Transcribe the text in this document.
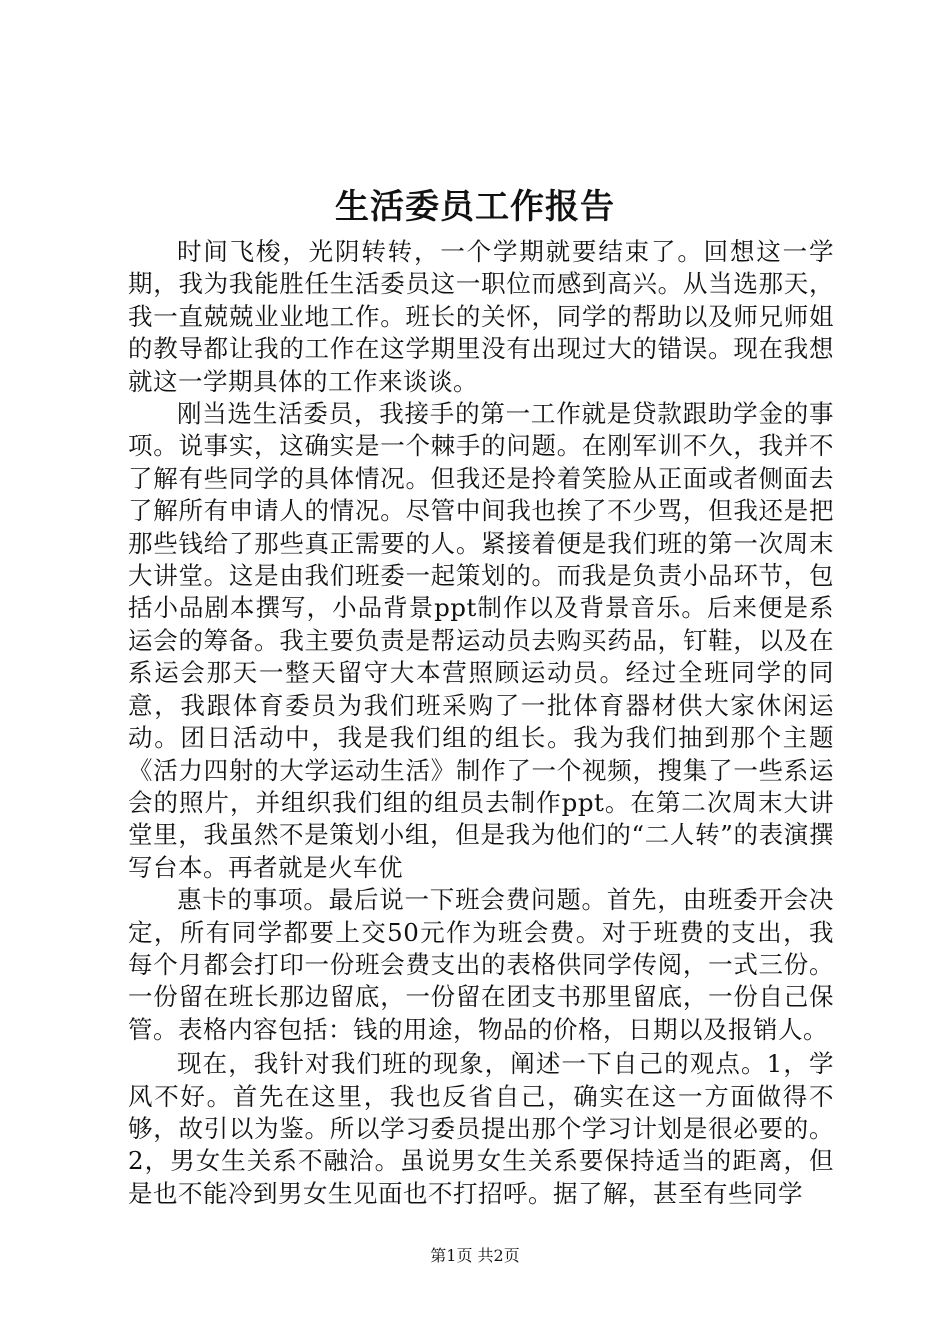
生活委员工作报告

时间飞梭，光阴转转，一个学期就要结束了。回想这一学期，我为我能胜任生活委员这一职位而感到高兴。从当选那天，我一直兢兢业业地工作。班长的关怀，同学的帮助以及师兄师姐的教导都让我的工作在这学期里没有出现过大的错误。现在我想就这一学期具体的工作来谈谈。

刚当选生活委员，我接手的第一工作就是贷款跟助学金的事项。说事实，这确实是一个棘手的问题。在刚军训不久，我并不了解有些同学的具体情况。但我还是拎着笑脸从正面或者侧面去了解所有申请人的情况。尽管中间我也挨了不少骂，但我还是把那些钱给了那些真正需要的人。紧接着便是我们班的第一次周末大讲堂。这是由我们班委一起策划的。而我是负责小品环节，包括小品剧本撰写，小品背景ppt制作以及背景音乐。后来便是系运会的筹备。我主要负责是帮运动员去购买药品，钉鞋，以及在系运会那天一整天留守大本营照顾运动员。经过全班同学的同意，我跟体育委员为我们班采购了一批体育器材供大家休闲运动。团日活动中，我是我们组的组长。我为我们抽到那个主题《活力四射的大学运动生活》制作了一个视频，搜集了一些系运会的照片，并组织我们组的组员去制作ppt。在第二次周末大讲堂里，我虽然不是策划小组，但是我为他们的“二人转”的表演撰写台本。再者就是火车优

惠卡的事项。最后说一下班会费问题。首先，由班委开会决定，所有同学都要上交50元作为班会费。对于班费的支出，我每个月都会打印一份班会费支出的表格供同学传阅，一式三份。一份留在班长那边留底，一份留在团支书那里留底，一份自己保管。表格内容包括：钱的用途，物品的价格，日期以及报销人。

现在，我针对我们班的现象，阐述一下自己的观点。1，学风不好。首先在这里，我也反省自己，确实在这一方面做得不够，故引以为鉴。所以学习委员提出那个学习计划是很必要的。2，男女生关系不融洽。虽说男女生关系要保持适当的距离，但是也不能冷到男女生见面也不打招呼。据了解，甚至有些同学

第1页 共2页
